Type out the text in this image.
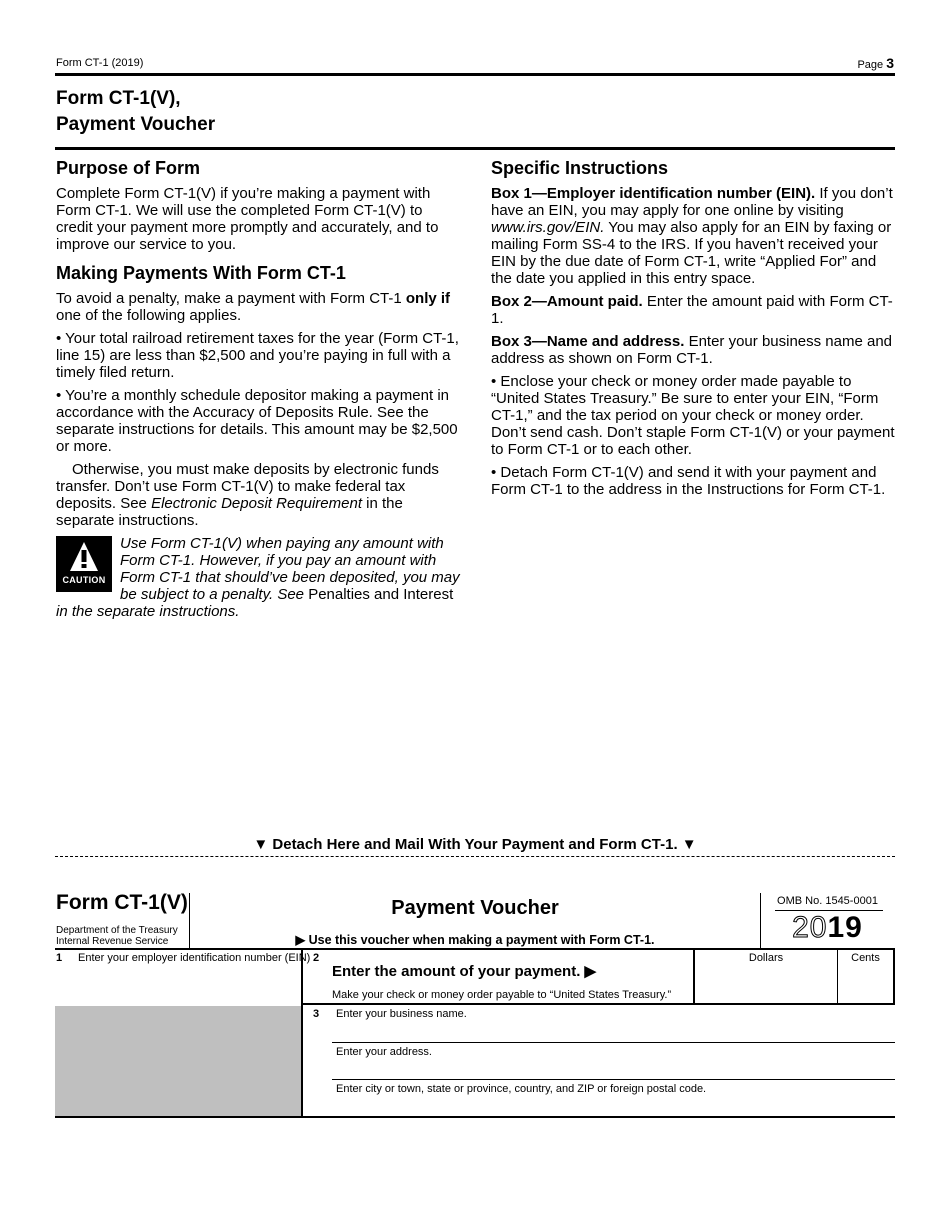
Form CT-1 (2019)	Page 3
Form CT-1(V),
Payment Voucher
Purpose of Form

Complete Form CT-1(V) if you’re making a payment with Form CT-1. We will use the completed Form CT-1(V) to credit your payment more promptly and accurately, and to improve our service to you.

Making Payments With Form CT-1

To avoid a penalty, make a payment with Form CT-1 only if one of the following applies.

• Your total railroad retirement taxes for the year (Form CT-1, line 15) are less than $2,500 and you’re paying in full with a timely filed return.

• You’re a monthly schedule depositor making a payment in accordance with the Accuracy of Deposits Rule. See the separate instructions for details. This amount may be $2,500 or more.

Otherwise, you must make deposits by electronic funds transfer. Don’t use Form CT-1(V) to make federal tax deposits. See Electronic Deposit Requirement in the separate instructions.

CAUTION

Use Form CT-1(V) when paying any amount with Form CT-1. However, if you pay an amount with Form CT-1 that should’ve been deposited, you may be subject to a penalty. See Penalties and Interest in the separate instructions.

Specific Instructions

Box 1—Employer identification number (EIN). If you don’t have an EIN, you may apply for one online by visiting www.irs.gov/EIN. You may also apply for an EIN by faxing or mailing Form SS-4 to the IRS. If you haven’t received your EIN by the due date of Form CT-1, write “Applied For” and the date you applied in this entry space.

Box 2—Amount paid. Enter the amount paid with Form CT-1.

Box 3—Name and address. Enter your business name and address as shown on Form CT-1.

• Enclose your check or money order made payable to “United States Treasury.” Be sure to enter your EIN, “Form CT-1,” and the tax period on your check or money order. Don’t send cash. Don’t staple Form CT-1(V) or your payment to Form CT-1 or to each other.

• Detach Form CT-1(V) and send it with your payment and Form CT-1 to the address in the Instructions for Form CT-1.

▼ Detach Here and Mail With Your Payment and Form CT-1. ▼
Form CT-1(V)
Department of the Treasury
Internal Revenue Service
Payment Voucher
▶ Use this voucher when making a payment with Form CT-1.
OMB No. 1545-0001
2019
1 Enter your employer identification number (EIN) 2
Enter the amount of your payment. ▶
Make your check or money order payable to “United States Treasury.”
Dollars	Cents
3 Enter your business name.
Enter your address.
Enter city or town, state or province, country, and ZIP or foreign postal code.
